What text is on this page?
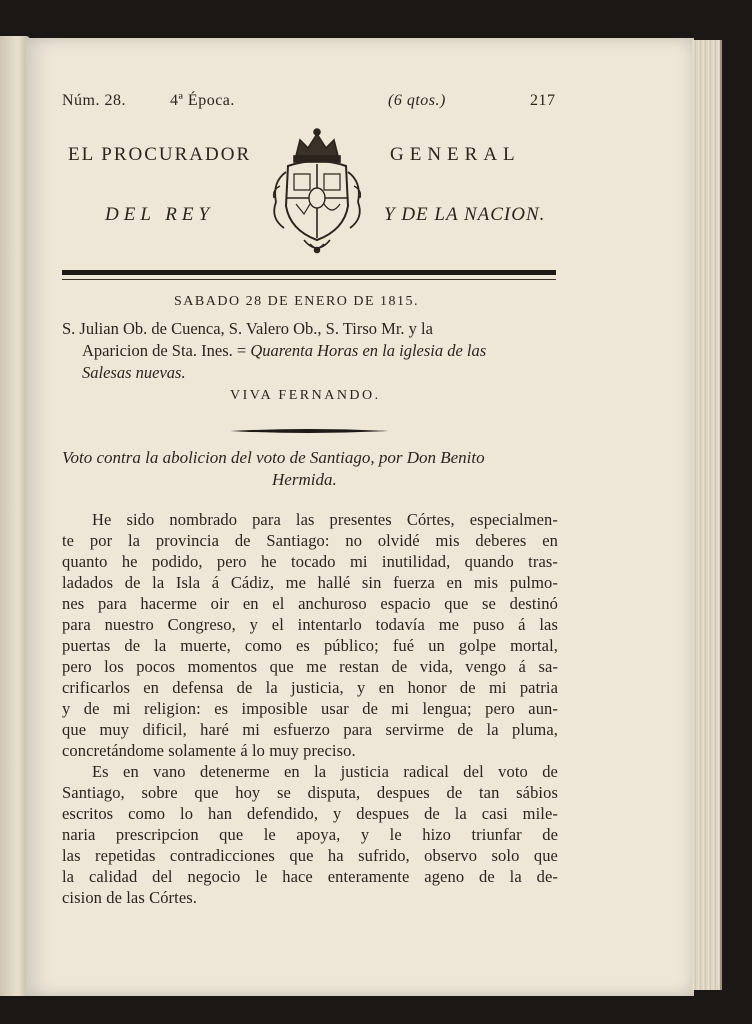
Núm. 28.	4ª Época.	(6 qtos.)	217
EL PROCURADOR	GENERAL
DEL REY	Y DE LA NACION.
SABADO 28 DE ENERO DE 1815.
S. Julian Ob. de Cuenca, S. Valero Ob., S. Tirso Mr. y la
Aparicion de Sta. Ines. = Quarenta Horas en la iglesia de las
Salesas nuevas.
VIVA FERNANDO.
Voto contra la abolicion del voto de Santiago, por Don Benito
Hermida.
He sido nombrado para las presentes Córtes, especialmen-
te por la provincia de Santiago: no olvidé mis deberes en
quanto he podido, pero he tocado mi inutilidad, quando tras-
ladados de la Isla á Cádiz, me hallé sin fuerza en mis pulmo-
nes para hacerme oir en el anchuroso espacio que se destinó
para nuestro Congreso, y el intentarlo todavía me puso á las
puertas de la muerte, como es público; fué un golpe mortal,
pero los pocos momentos que me restan de vida, vengo á sa-
crificarlos en defensa de la justicia, y en honor de mi patria
y de mi religion: es imposible usar de mi lengua; pero aun-
que muy dificil, haré mi esfuerzo para servirme de la pluma,
concretándome solamente á lo muy preciso.
Es en vano detenerme en la justicia radical del voto de
Santiago, sobre que hoy se disputa, despues de tan sábios
escritos como lo han defendido, y despues de la casi mile-
naria prescripcion que le apoya, y le hizo triunfar de
las repetidas contradicciones que ha sufrido, observo solo que
la calidad del negocio le hace enteramente ageno de la de-
cision de las Córtes.
